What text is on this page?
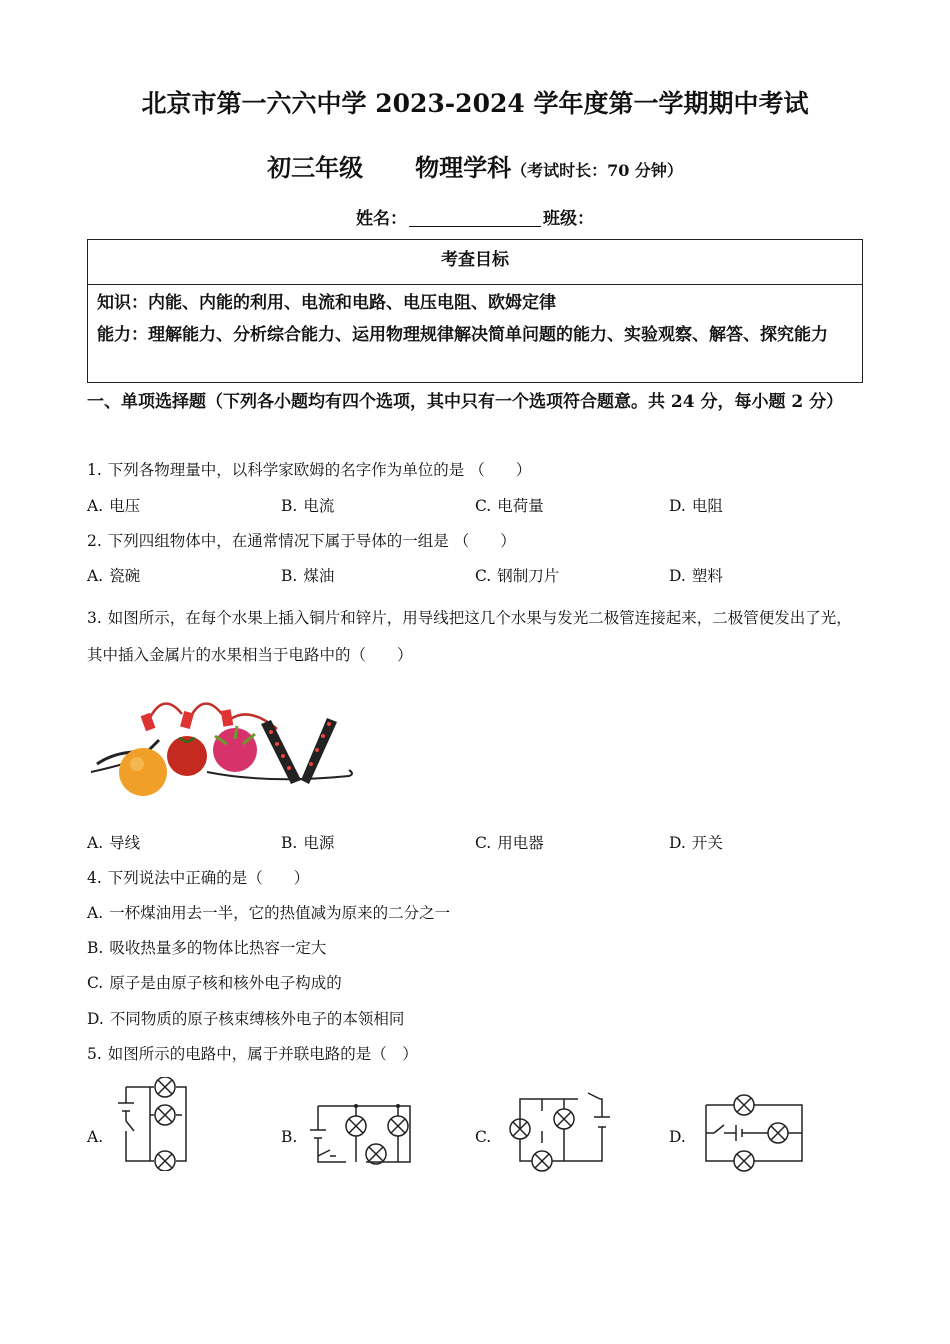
北京市第一六六中学 2023-2024 学年度第一学期期中考试
初三年级 物理学科（考试时长：70 分钟）
姓名：	班级：
考查目标
知识：内能、内能的利用、电流和电路、电压电阻、欧姆定律
能力：理解能力、分析综合能力、运用物理规律解决简单问题的能力、实验观察、解答、探究能力
一、单项选择题（下列各小题均有四个选项，其中只有一个选项符合题意。共 24 分，每小题 2 分）
1. 下列各物理量中，以科学家欧姆的名字作为单位的是 （　　）
A. 电压	B. 电流	C. 电荷量	D. 电阻
2. 下列四组物体中，在通常情况下属于导体的一组是 （　　）
A. 瓷碗	B. 煤油	C. 钢制刀片	D. 塑料
3. 如图所示，在每个水果上插入铜片和锌片，用导线把这几个水果与发光二极管连接起来，二极管便发出了光，其中插入金属片的水果相当于电路中的（　　）
A. 导线	B. 电源	C. 用电器	D. 开关
4. 下列说法中正确的是（　　）
A. 一杯煤油用去一半，它的热值减为原来的二分之一
B. 吸收热量多的物体比热容一定大
C. 原子是由原子核和核外电子构成的
D. 不同物质的原子核束缚核外电子的本领相同
5. 如图所示的电路中，属于并联电路的是（　）
A.	B.	C.	D.
